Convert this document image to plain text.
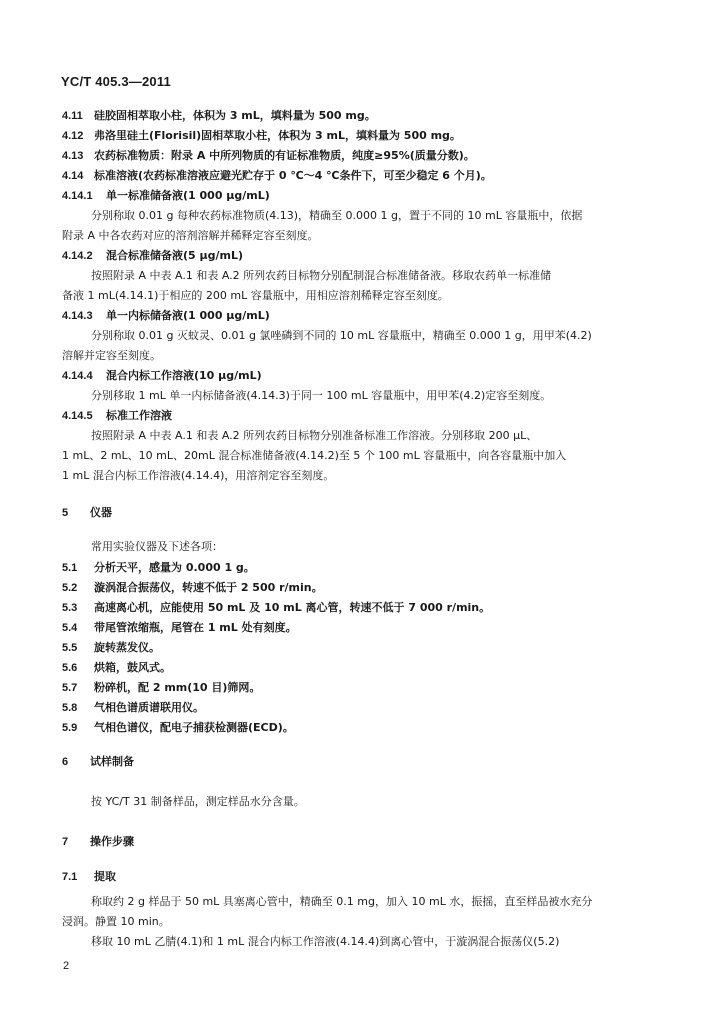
YC/T 405.3—2011
4.11 硅胶固相萃取小柱，体积为 3 mL，填料量为 500 mg。
4.12 弗洛里硅土(Florisil)固相萃取小柱，体积为 3 mL，填料量为 500 mg。
4.13 农药标准物质：附录 A 中所列物质的有证标准物质，纯度≥95%(质量分数)。
4.14 标准溶液(农药标准溶液应避光贮存于 0 ℃～4 ℃条件下，可至少稳定 6 个月)。
4.14.1 单一标准储备液(1 000 μg/mL)
分别称取 0.01 g 每种农药标准物质(4.13)，精确至 0.000 1 g，置于不同的 10 mL 容量瓶中，依据
附录 A 中各农药对应的溶剂溶解并稀释定容至刻度。
4.14.2 混合标准储备液(5 μg/mL)
按照附录 A 中表 A.1 和表 A.2 所列农药目标物分别配制混合标准储备液。移取农药单一标准储
备液 1 mL(4.14.1)于相应的 200 mL 容量瓶中，用相应溶剂稀释定容至刻度。
4.14.3 单一内标储备液(1 000 μg/mL)
分别称取 0.01 g 灭蚊灵、0.01 g 氯唑磷到不同的 10 mL 容量瓶中，精确至 0.000 1 g，用甲苯(4.2)
溶解并定容至刻度。
4.14.4 混合内标工作溶液(10 μg/mL)
分别移取 1 mL 单一内标储备液(4.14.3)于同一 100 mL 容量瓶中，用甲苯(4.2)定容至刻度。
4.14.5 标准工作溶液
按照附录 A 中表 A.1 和表 A.2 所列农药目标物分别准备标准工作溶液。分别移取 200 μL、
1 mL、2 mL、10 mL、20mL 混合标准储备液(4.14.2)至 5 个 100 mL 容量瓶中，向各容量瓶中加入
1 mL 混合内标工作溶液(4.14.4)，用溶剂定容至刻度。
5 仪器
常用实验仪器及下述各项：
5.1 分析天平，感量为 0.000 1 g。
5.2 漩涡混合振荡仪，转速不低于 2 500 r/min。
5.3 高速离心机，应能使用 50 mL 及 10 mL 离心管，转速不低于 7 000 r/min。
5.4 带尾管浓缩瓶，尾管在 1 mL 处有刻度。
5.5 旋转蒸发仪。
5.6 烘箱，鼓风式。
5.7 粉碎机，配 2 mm(10 目)筛网。
5.8 气相色谱质谱联用仪。
5.9 气相色谱仪，配电子捕获检测器(ECD)。
6 试样制备
按 YC/T 31 制备样品，测定样品水分含量。
7 操作步骤
7.1 提取
称取约 2 g 样品于 50 mL 具塞离心管中，精确至 0.1 mg，加入 10 mL 水，振摇，直至样品被水充分
浸润。静置 10 min。
移取 10 mL 乙腈(4.1)和 1 mL 混合内标工作溶液(4.14.4)到离心管中，于漩涡混合振荡仪(5.2)
2
